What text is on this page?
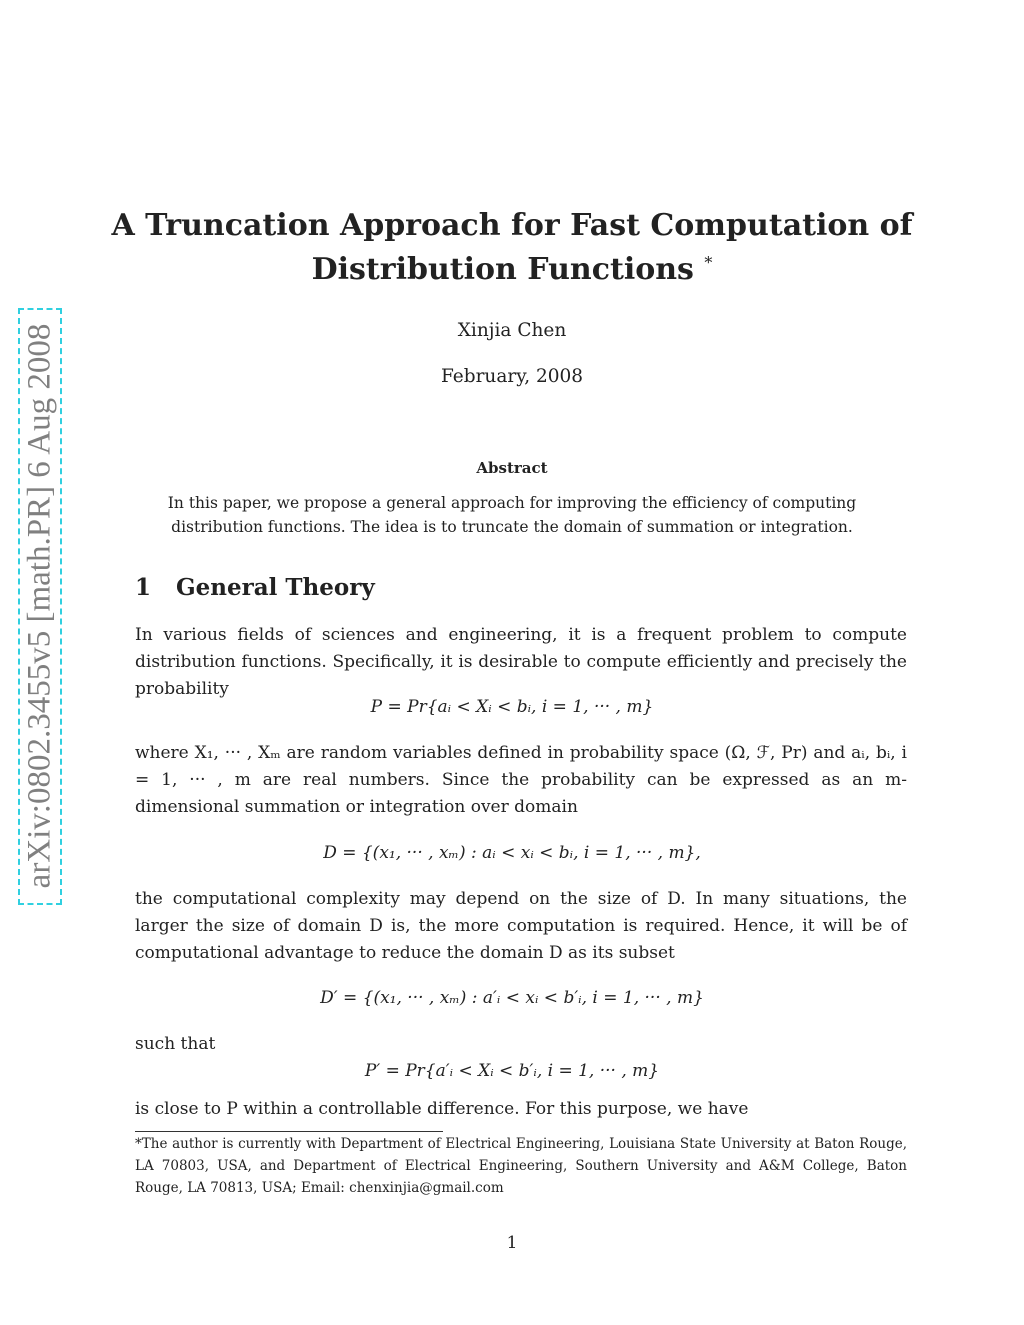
arXiv:0802.3455v5 [math.PR] 6 Aug 2008
A Truncation Approach for Fast Computation of
Distribution Functions *
Xinjia Chen
February, 2008
Abstract
In this paper, we propose a general approach for improving the efficiency of computing
distribution functions. The idea is to truncate the domain of summation or integration.
1 General Theory
In various fields of sciences and engineering, it is a frequent problem to compute distribution functions. Specifically, it is desirable to compute efficiently and precisely the probability
P = Pr{aᵢ < Xᵢ < bᵢ, i = 1, ··· , m}
where X₁, ··· , Xₘ are random variables defined in probability space (Ω, ℱ, Pr) and aᵢ, bᵢ, i = 1, ··· , m are real numbers. Since the probability can be expressed as an m-dimensional summation or integration over domain
D = {(x₁, ··· , xₘ) : aᵢ < xᵢ < bᵢ, i = 1, ··· , m},
the computational complexity may depend on the size of D. In many situations, the larger the size of domain D is, the more computation is required. Hence, it will be of computational advantage to reduce the domain D as its subset
D′ = {(x₁, ··· , xₘ) : a′ᵢ < xᵢ < b′ᵢ, i = 1, ··· , m}
such that
P′ = Pr{a′ᵢ < Xᵢ < b′ᵢ, i = 1, ··· , m}
is close to P within a controllable difference. For this purpose, we have
*The author is currently with Department of Electrical Engineering, Louisiana State University at Baton Rouge, LA 70803, USA, and Department of Electrical Engineering, Southern University and A&M College, Baton Rouge, LA 70813, USA; Email: chenxinjia@gmail.com
1
